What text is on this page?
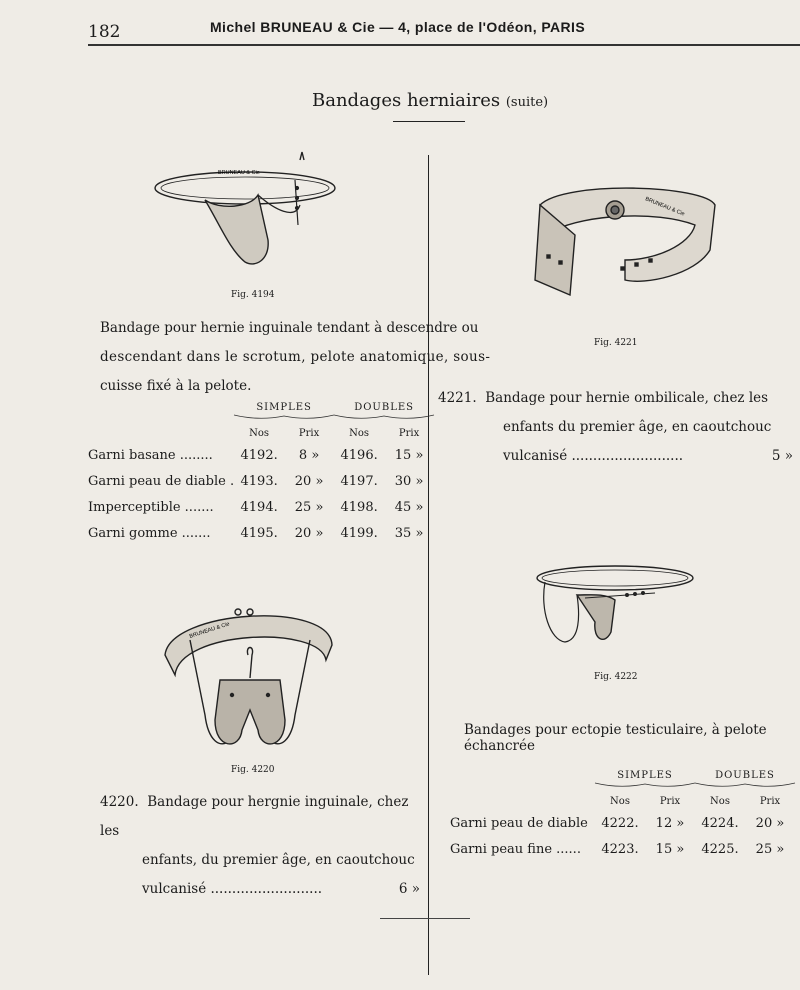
182	Michel BRUNEAU & Cie — 4, place de l'Odéon, PARIS
Bandages herniaires (suite)
BRUNEAU & Cie
Fig. 4194
Bandage pour hernie inguinale tendant à descendre ou
descendant dans le scrotum, pelote anatomique, sous-
cuisse fixé à la pelote.

	SIMPLES		DOUBLES	

	Nos	Prix	Nos	Prix
Garni basane ........	4192.	8 »	4196.	15 »
Garni peau de diable .	4193.	20 »	4197.	30 »
Imperceptible .......	4194.	25 »	4198.	45 »
Garni gomme .......	4195.	20 »	4199.	35 »
BRUNEAU & Cie
Fig. 4220
4220. Bandage pour hergnie inguinale, chez les
enfants, du premier âge, en caoutchouc
vulcanisé ..........................	6 »
BRUNEAU & Cie
Fig. 4221
4221. Bandage pour hernie ombilicale, chez les
enfants du premier âge, en caoutchouc
vulcanisé ..........................	5 »
Fig. 4222
Bandages pour ectopie testiculaire, à pelote échancrée

	SIMPLES		DOUBLES	

	Nos	Prix	Nos	Prix
Garni peau de diable	4222.	12 »	4224.	20 »
Garni peau fine ......	4223.	15 »	4225.	25 »
